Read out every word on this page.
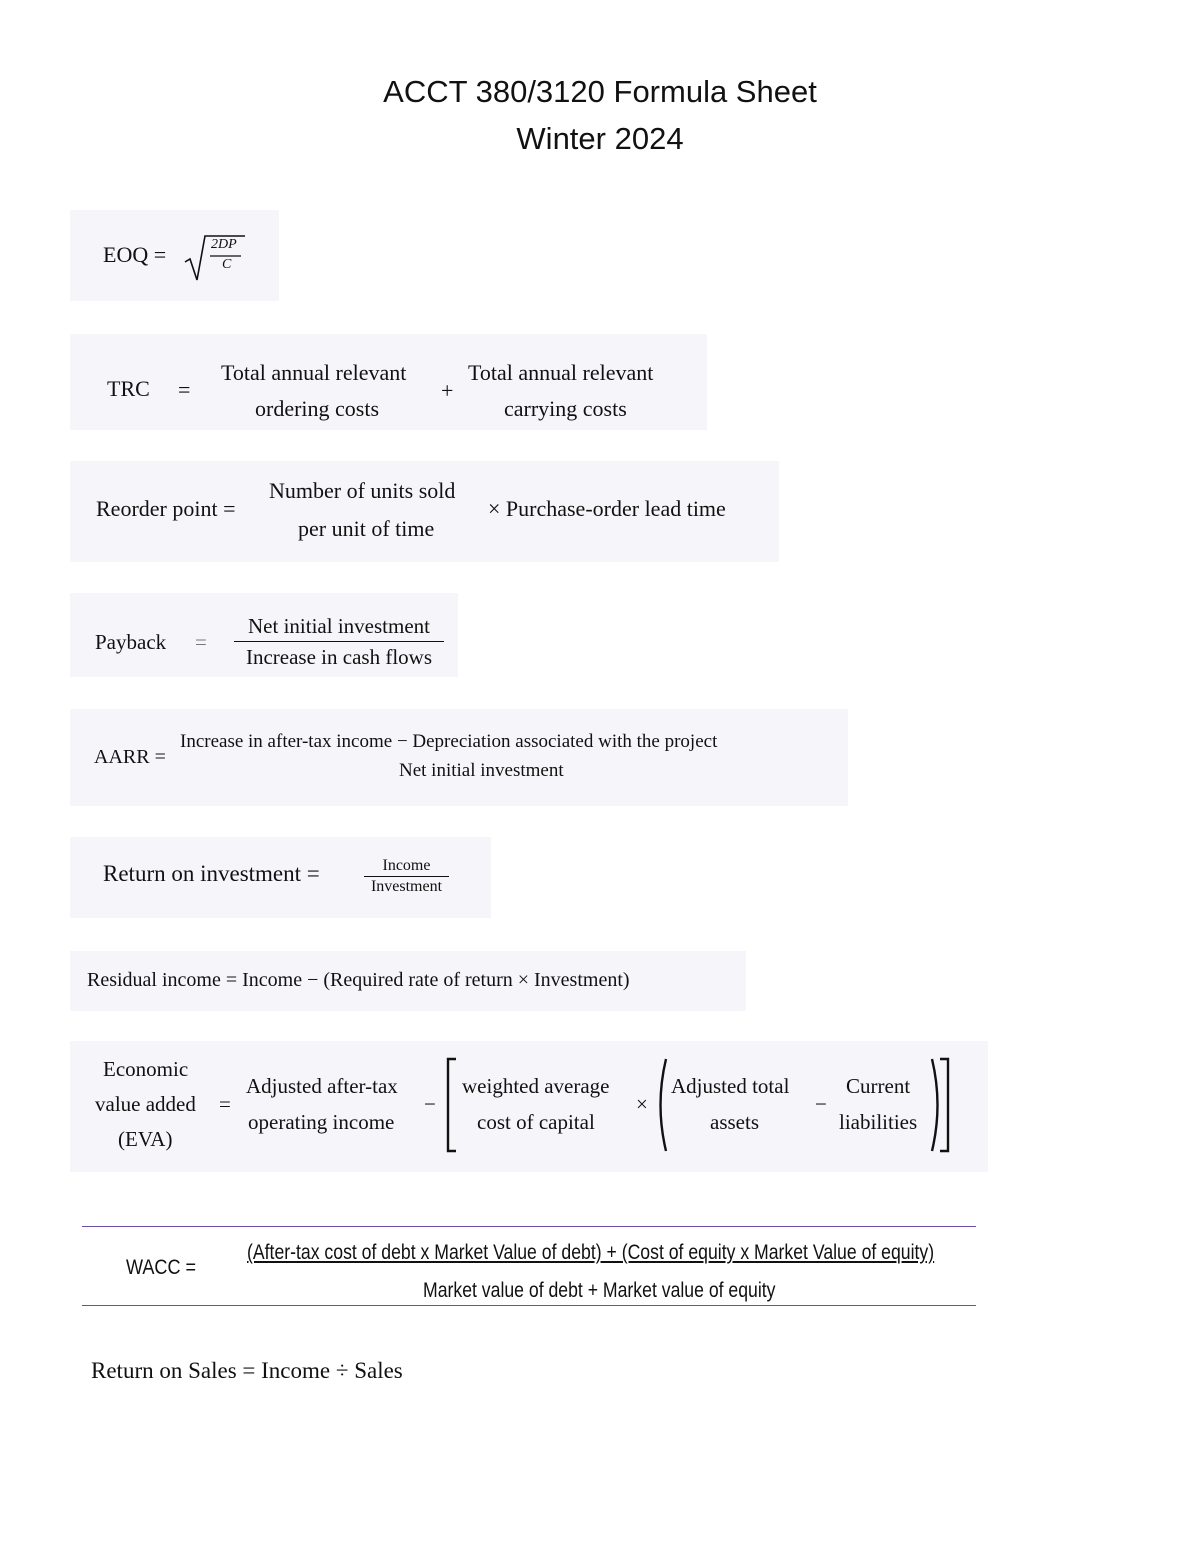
ACCT 380/3120 Formula Sheet
Winter 2024
EOQ =	2DP
C
TRC =
Total annual relevant
ordering costs
+
Total annual relevant
carrying costs
Reorder point =
Number of units sold
per unit of time
× Purchase-order lead time
Payback =
Net initial investment
Increase in cash flows
AARR =
Increase in after-tax income − Depreciation associated with the project
Net initial investment
Return on investment =	Income
Investment
Residual income = Income − (Required rate of return × Investment)
Economic
value added
(EVA)
=
Adjusted after-tax
operating income
−
weighted average
cost of capital
×
Adjusted total
assets
−
Current
liabilities
WACC =
(After-tax cost of debt x Market Value of debt) + (Cost of equity x Market Value of equity)
Market value of debt + Market value of equity
Return on Sales = Income ÷ Sales
